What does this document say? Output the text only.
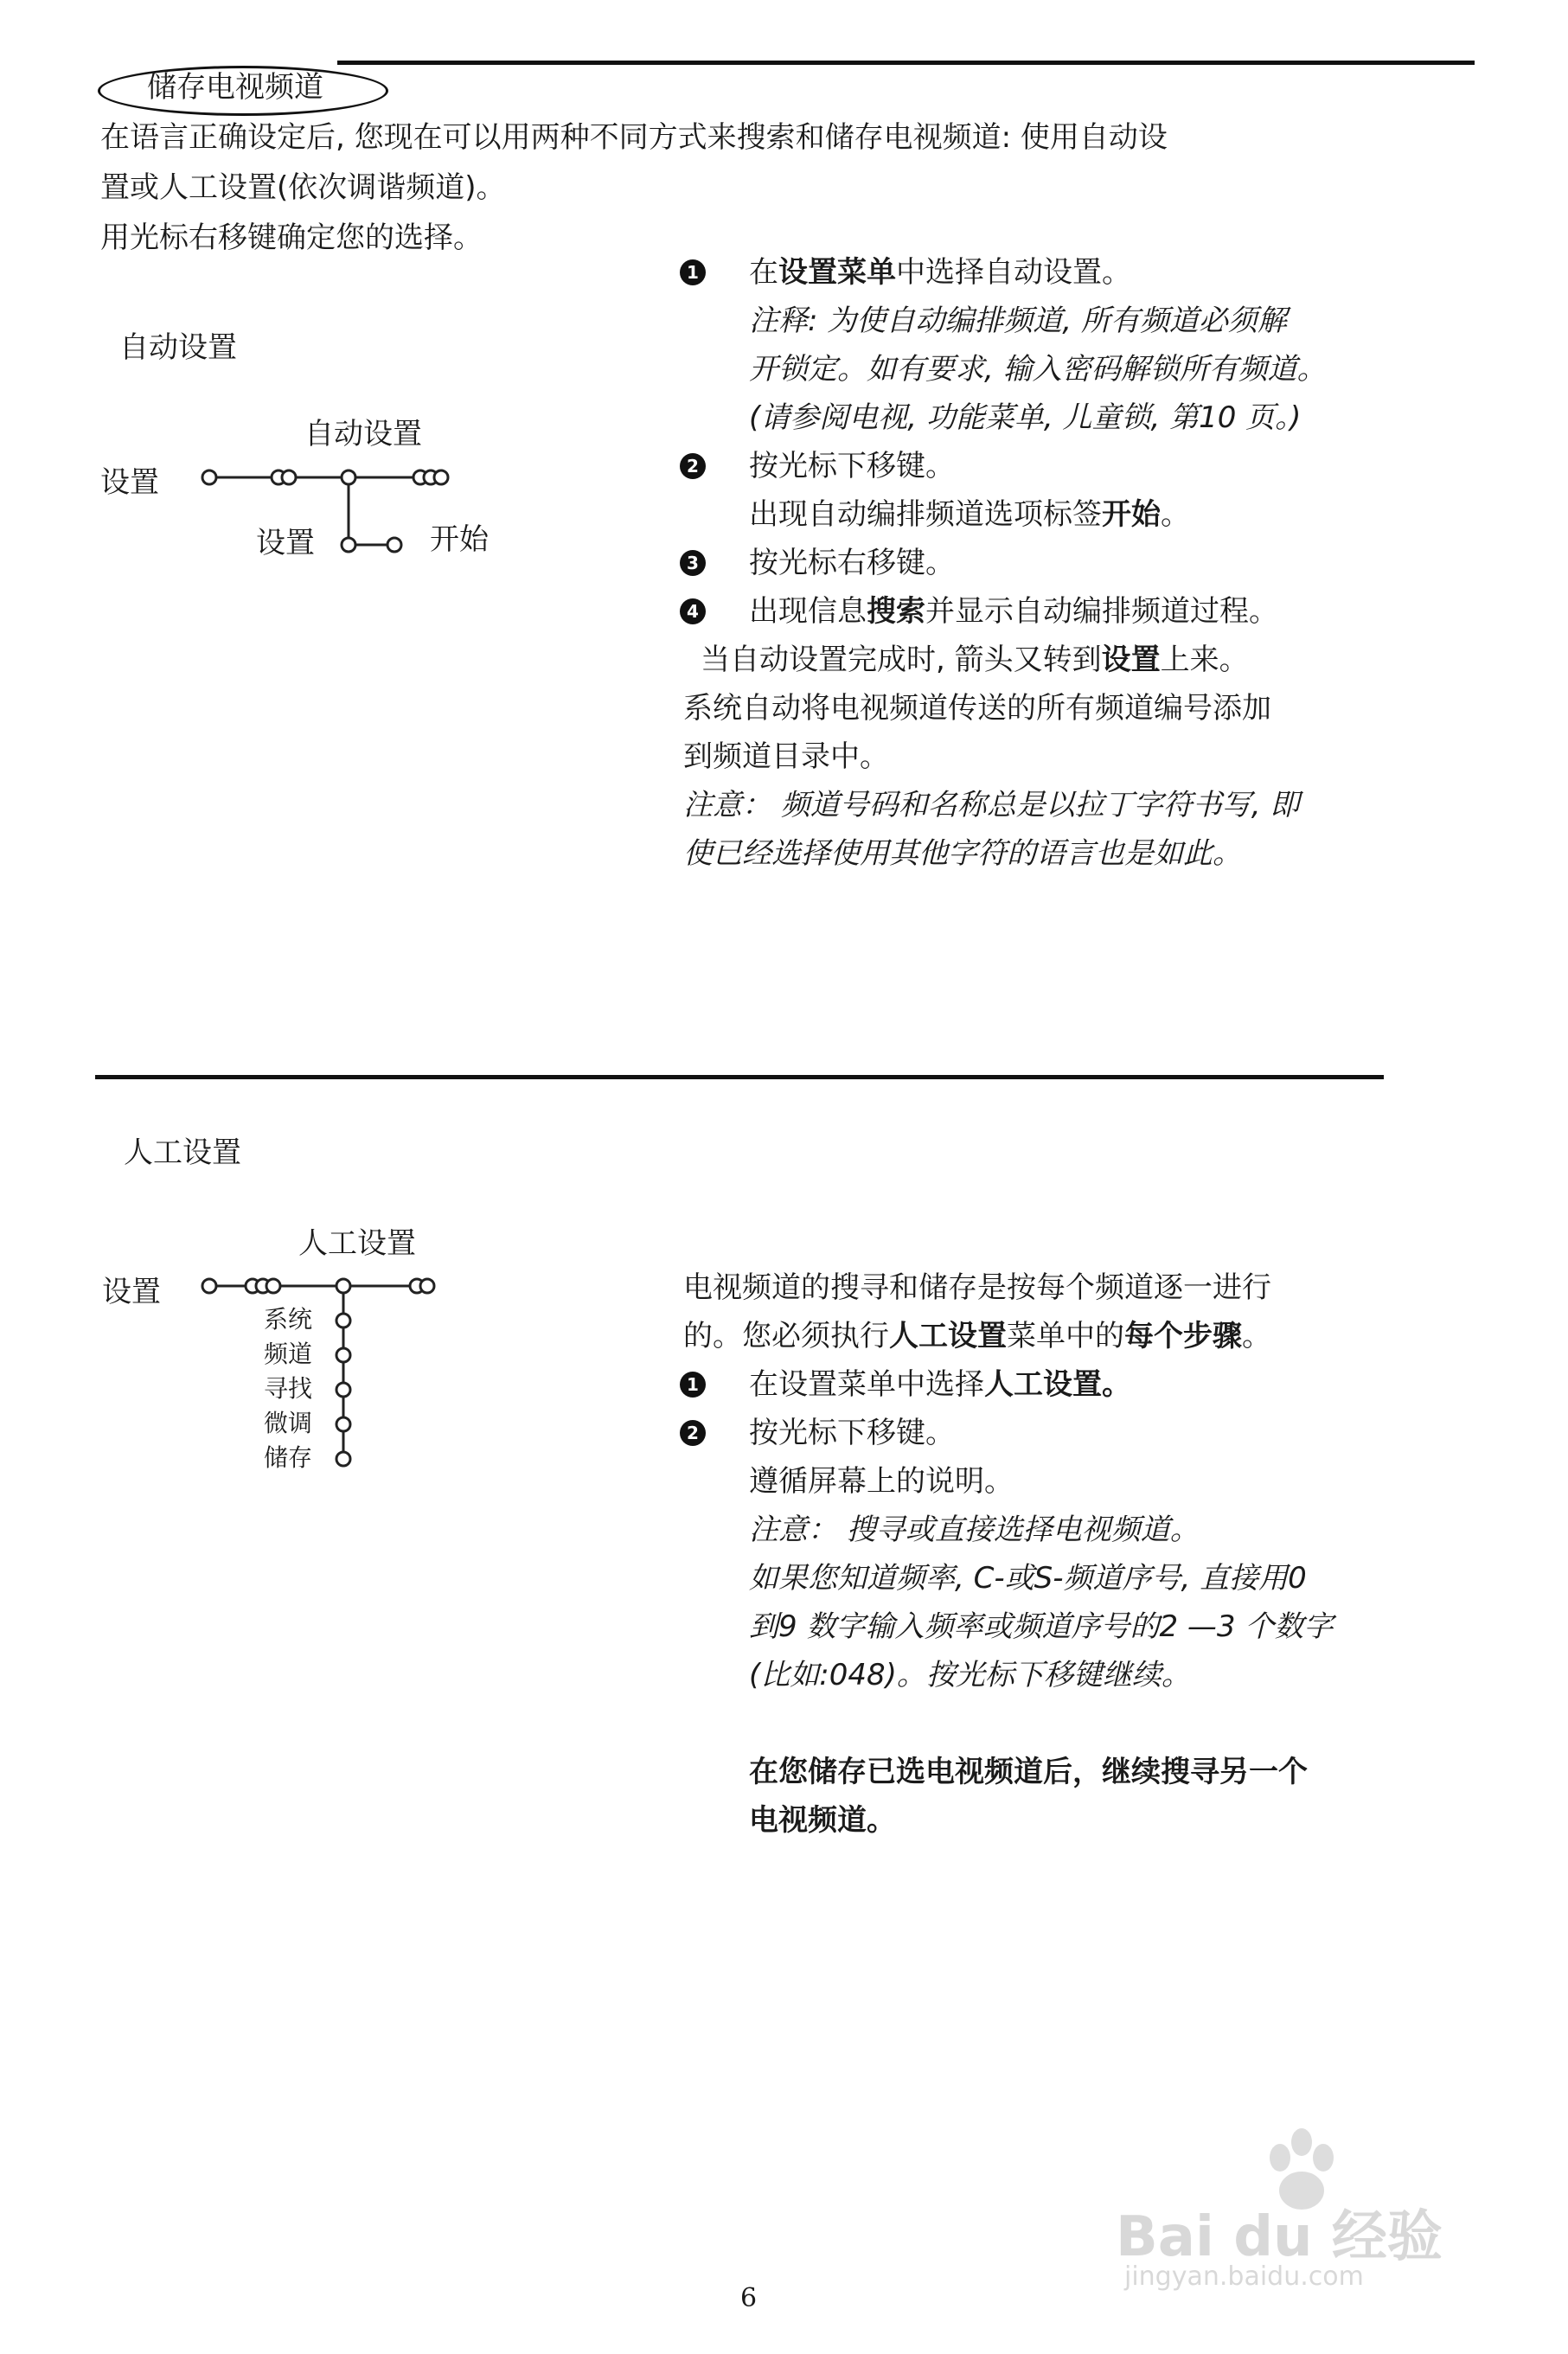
储存电视频道
在语言正确设定后, 您现在可以用两种不同方式来搜索和储存电视频道: 使用自动设
置或人工设置(依次调谐频道)。
用光标右移键确定您的选择。
自动设置
自动设置
设置
设置	开始
1 在设置菜单中选择自动设置。
注释: 为使自动编排频道, 所有频道必须解
开锁定。如有要求, 输入密码解锁所有频道。
(请参阅电视, 功能菜单, 儿童锁, 第10 页。)
2 按光标下移键。
出现自动编排频道选项标签开始。
3 按光标右移键。
4 出现信息搜索并显示自动编排频道过程。
当自动设置完成时, 箭头又转到设置上来。
系统自动将电视频道传送的所有频道编号添加
到频道目录中。
注意： 频道号码和名称总是以拉丁字符书写, 即
使已经选择使用其他字符的语言也是如此。
人工设置
人工设置
设置
系统
频道
寻找
微调
储存
电视频道的搜寻和储存是按每个频道逐一进行
的。您必须执行人工设置菜单中的每个步骤。
1 在设置菜单中选择人工设置。
2 按光标下移键。
遵循屏幕上的说明。
注意： 搜寻或直接选择电视频道。
如果您知道频率, C-或S-频道序号, 直接用0
到9 数字输入频率或频道序号的2 —3 个数字
(比如:048)。按光标下移键继续。
在您储存已选电视频道后，继续搜寻另一个
电视频道。
Bai du 经验
jingyan.baidu.com
6
